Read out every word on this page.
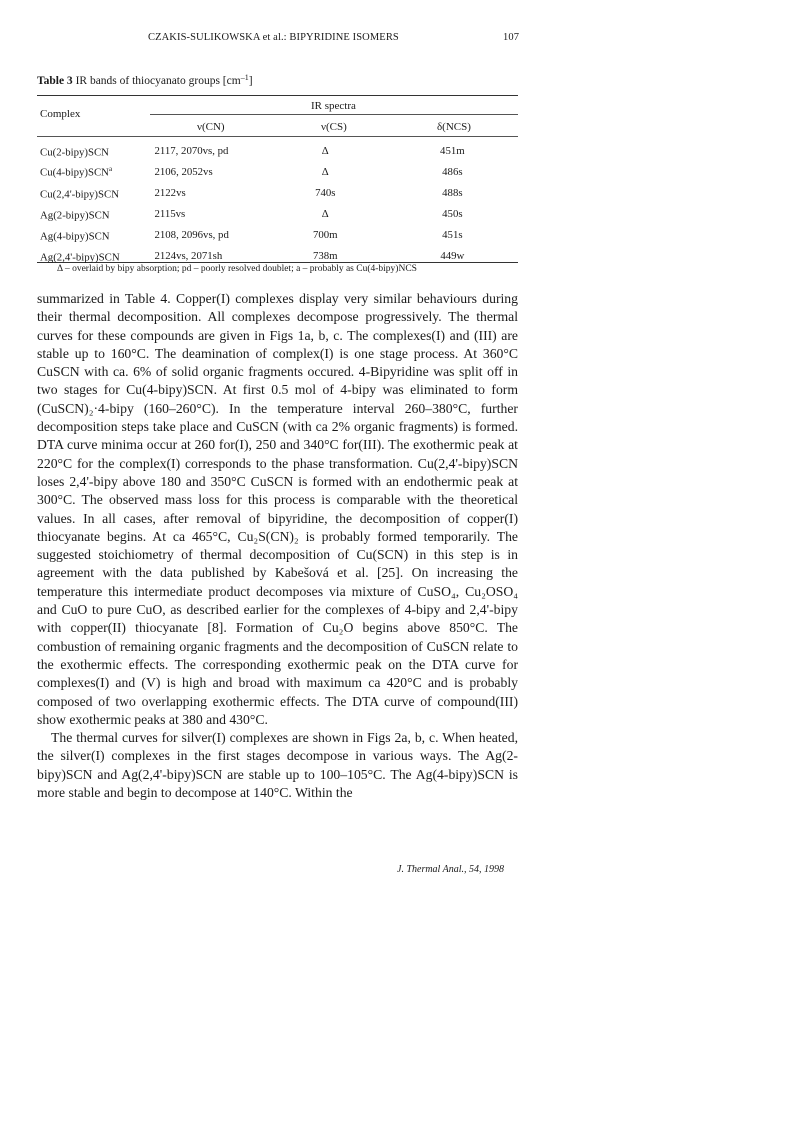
CZAKIS-SULIKOWSKA et al.: BIPYRIDINE ISOMERS	107
Table 3 IR bands of thiocyanato groups $[cm^{-1}]$
Complex
IR spectra
ν(CN)	ν(CS)	δ(NCS)
Cu(2-bipy)SCN	2117, 2070vs, pd	Δ	451m
Cu(4-bipy)SCN$^a$	2106, 2052vs	Δ	486s
Cu(2,4'-bipy)SCN	2122vs	740s	488s
Ag(2-bipy)SCN	2115vs	Δ	450s
Ag(4-bipy)SCN	2108, 2096vs, pd	700m	451s
Ag(2,4'-bipy)SCN	2124vs, 2071sh	738m	449w
Δ – overlaid by bipy absorption; pd – poorly resolved doublet; a – probably as Cu(4-bipy)NCS

summarized in Table 4. Copper(I) complexes display very similar behaviours during their thermal decomposition. All complexes decompose progressively. The thermal curves for these compounds are given in Figs 1a, b, c. The complexes(I) and (III) are stable up to 160°C. The deamination of complex(I) is one stage process. At 360°C CuSCN with ca. 6% of solid organic fragments occured. 4-Bipyridine was split off in two stages for Cu(4-bipy)SCN. At first 0.5 mol of 4-bipy was eliminated to form (CuSCN)₂·4-bipy (160–260°C). In the temperature interval 260–380°C, further decomposition steps take place and CuSCN (with ca 2% organic fragments) is formed. DTA curve minima occur at 260 for(I), 250 and 340°C for(III). The exothermic peak at 220°C for the complex(I) corresponds to the phase transformation. Cu(2,4'-bipy)SCN loses 2,4'-bipy above 180 and 350°C CuSCN is formed with an endothermic peak at 300°C. The observed mass loss for this process is comparable with the theoretical values. In all cases, after removal of bipyridine, the decomposition of copper(I) thiocyanate begins. At ca 465°C, Cu₂S(CN)₂ is probably formed temporarily. The suggested stoichiometry of thermal decomposition of Cu(SCN) in this step is in agreement with the data published by Kabešová et al. [25]. On increasing the temperature this intermediate product decomposes via mixture of CuSO₄, Cu₂OSO₄ and CuO to pure CuO, as described earlier for the complexes of 4-bipy and 2,4'-bipy with copper(II) thiocyanate [8]. Formation of Cu₂O begins above 850°C. The combustion of remaining organic fragments and the decomposition of CuSCN relate to the exothermic effects. The corresponding exothermic peak on the DTA curve for complexes(I) and (V) is high and broad with maximum ca 420°C and is probably composed of two overlapping exothermic effects. The DTA curve of compound(III) show exothermic peaks at 380 and 430°C.

The thermal curves for silver(I) complexes are shown in Figs 2a, b, c. When heated, the silver(I) complexes in the first stages decompose in various ways. The Ag(2-bipy)SCN and Ag(2,4'-bipy)SCN are stable up to 100–105°C. The Ag(4-bipy)SCN is more stable and begin to decompose at 140°C. Within the

J. Thermal Anal., 54, 1998
